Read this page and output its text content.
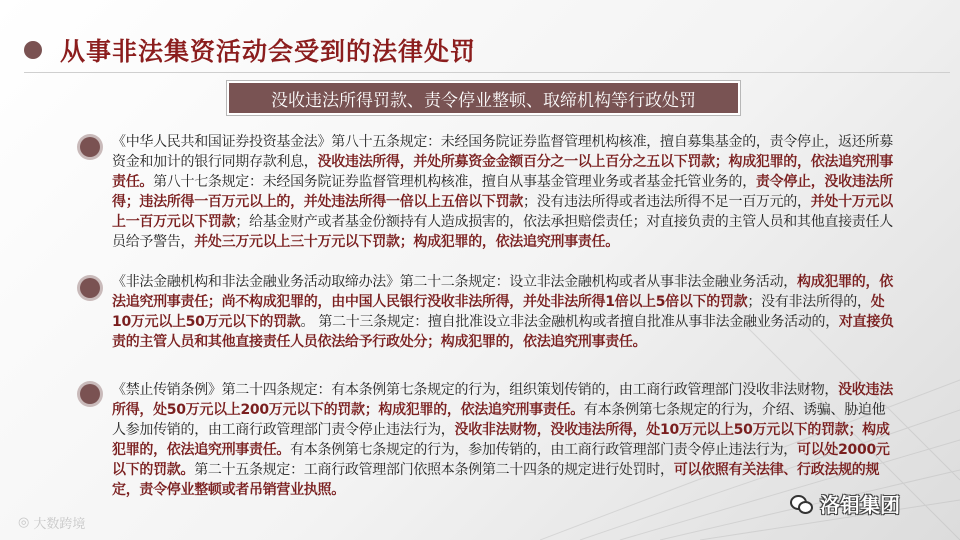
从事非法集资活动会受到的法律处罚
没收违法所得罚款、责令停业整顿、取缔机构等行政处罚

《中华人民共和国证券投资基金法》第八十五条规定：未经国务院证券监督管理机构核准，擅自募集基金的，责令停止，返还所募资金和加计的银行同期存款利息，没收违法所得，并处所募资金金额百分之一以上百分之五以下罚款；构成犯罪的，依法追究刑事责任。第八十七条规定：未经国务院证券监督管理机构核准，擅自从事基金管理业务或者基金托管业务的，责令停止，没收违法所得；违法所得一百万元以上的，并处违法所得一倍以上五倍以下罚款；没有违法所得或者违法所得不足一百万元的，并处十万元以上一百万元以下罚款；给基金财产或者基金份额持有人造成损害的，依法承担赔偿责任；对直接负责的主管人员和其他直接责任人员给予警告，并处三万元以上三十万元以下罚款；构成犯罪的，依法追究刑事责任。

《非法金融机构和非法金融业务活动取缔办法》第二十二条规定：设立非法金融机构或者从事非法金融业务活动，构成犯罪的，依法追究刑事责任；尚不构成犯罪的，由中国人民银行没收非法所得，并处非法所得1倍以上5倍以下的罚款；没有非法所得的，处10万元以上50万元以下的罚款。 第二十三条规定：擅自批准设立非法金融机构或者擅自批准从事非法金融业务活动的，对直接负责的主管人员和其他直接责任人员依法给予行政处分；构成犯罪的，依法追究刑事责任。

《禁止传销条例》第二十四条规定：有本条例第七条规定的行为，组织策划传销的，由工商行政管理部门没收非法财物，没收违法所得，处50万元以上200万元以下的罚款；构成犯罪的，依法追究刑事责任。有本条例第七条规定的行为，介绍、诱骗、胁迫他人参加传销的，由工商行政管理部门责令停止违法行为，没收非法财物，没收违法所得，处10万元以上50万元以下的罚款；构成犯罪的，依法追究刑事责任。有本条例第七条规定的行为，参加传销的，由工商行政管理部门责令停止违法行为，可以处2000元以下的罚款。第二十五条规定：工商行政管理部门依照本条例第二十四条的规定进行处罚时，可以依照有关法律、行政法规的规定，责令停业整顿或者吊销营业执照。

◎ 大数跨境
洛钼集团
